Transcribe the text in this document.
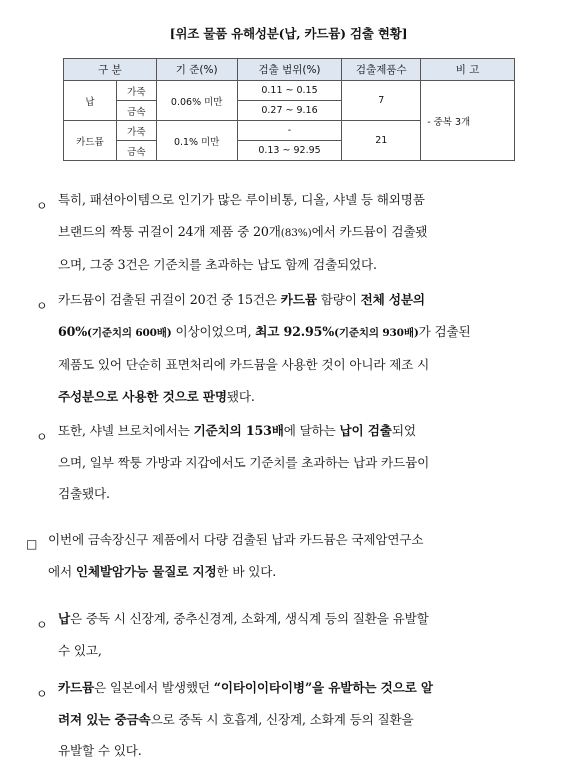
[위조 물품 유해성분(납, 카드뮴) 검출 현황]
구 분		기 준(%)	검출 범위(%)	검출제품수	비 고
납	가죽	0.06% 미만	0.11 ~ 0.15	7	- 중복 3개
	금속		0.27 ~ 9.16		
카드뮴	가죽	0.1% 미만	-	21	
	금속		0.13 ~ 92.95		
ㅇ 특히, 패션아이템으로 인기가 많은 루이비통, 디올, 샤넬 등 해외명품
브랜드의 짝퉁 귀걸이 24개 제품 중 20개(83%)에서 카드뮴이 검출됐
으며, 그중 3건은 기준치를 초과하는 납도 함께 검출되었다.
ㅇ 카드뮴이 검출된 귀걸이 20건 중 15건은 카드뮴 함량이 전체 성분의
60%(기준치의 600배) 이상이었으며, 최고 92.95%(기준치의 930배)가 검출된
제품도 있어 단순히 표면처리에 카드뮴을 사용한 것이 아니라 제조 시
주성분으로 사용한 것으로 판명됐다.
ㅇ 또한, 샤넬 브로치에서는 기준치의 153배에 달하는 납이 검출되었
으며, 일부 짝퉁 가방과 지갑에서도 기준치를 초과하는 납과 카드뮴이
검출됐다.
□ 이번에 금속장신구 제품에서 다량 검출된 납과 카드뮴은 국제암연구소
에서 인체발암가능 물질로 지정한 바 있다.
ㅇ 납은 중독 시 신장계, 중추신경계, 소화계, 생식계 등의 질환을 유발할
수 있고,
ㅇ 카드뮴은 일본에서 발생했던 “이타이이타이병”을 유발하는 것으로 알
려져 있는 중금속으로 중독 시 호흡계, 신장계, 소화계 등의 질환을
유발할 수 있다.
